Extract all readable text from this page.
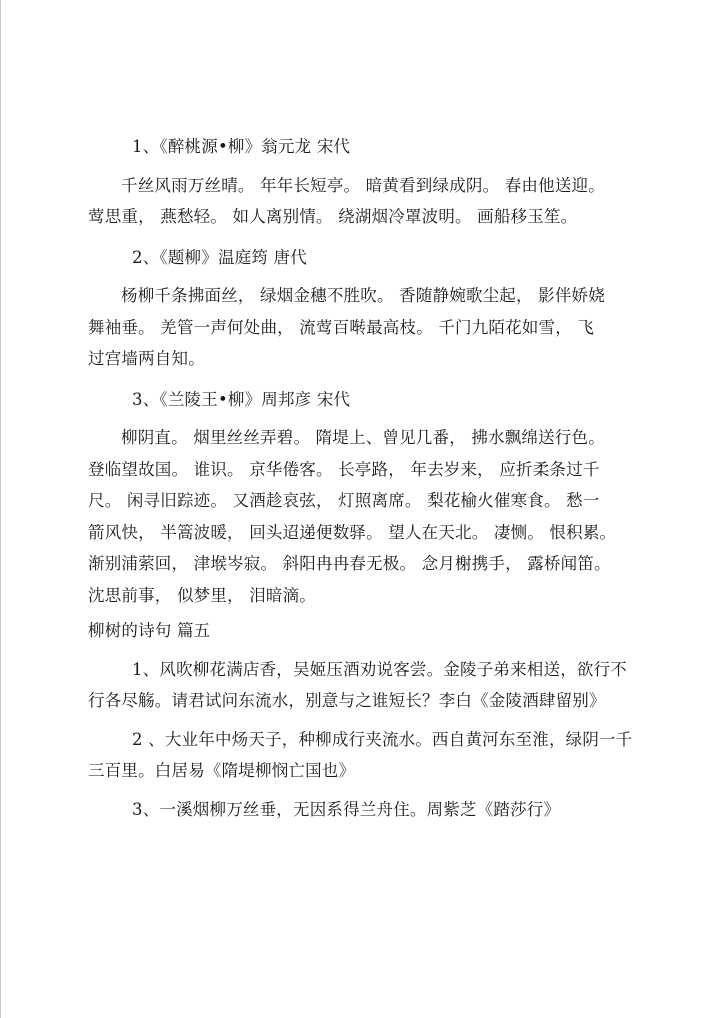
1、《醉桃源•柳》翁元龙 宋代
千丝风雨万丝晴。 年年长短亭。 暗黄看到绿成阴。 春由他送迎。
莺思重， 燕愁轻。 如人离别情。 绕湖烟冷罩波明。 画船移玉笙。
2、《题柳》温庭筠 唐代
杨柳千条拂面丝， 绿烟金穗不胜吹。 香随静婉歌尘起， 影伴娇娆
舞袖垂。 羌管一声何处曲， 流莺百啭最高枝。 千门九陌花如雪， 飞
过宫墙两自知。
3、《兰陵王•柳》周邦彦 宋代
柳阴直。 烟里丝丝弄碧。 隋堤上、曾见几番， 拂水飘绵送行色。
登临望故国。 谁识。 京华倦客。 长亭路， 年去岁来， 应折柔条过千
尺。 闲寻旧踪迹。 又酒趁哀弦， 灯照离席。 梨花榆火催寒食。 愁一
箭风快， 半篙波暖， 回头迢递便数驿。 望人在天北。 凄恻。 恨积累。
渐别浦萦回， 津堠岑寂。 斜阳冉冉春无极。 念月榭携手， 露桥闻笛。
沈思前事， 似梦里， 泪暗滴。
柳树的诗句 篇五
1、风吹柳花满店香，吴姬压酒劝说客尝。金陵子弟来相送，欲行不
行各尽觞。请君试问东流水，别意与之谁短长？李白《金陵酒肆留别》
2 、大业年中炀天子，种柳成行夹流水。西自黄河东至淮，绿阴一千
三百里。白居易《隋堤柳悯亡国也》
3、一溪烟柳万丝垂，无因系得兰舟住。周紫芝《踏莎行》
